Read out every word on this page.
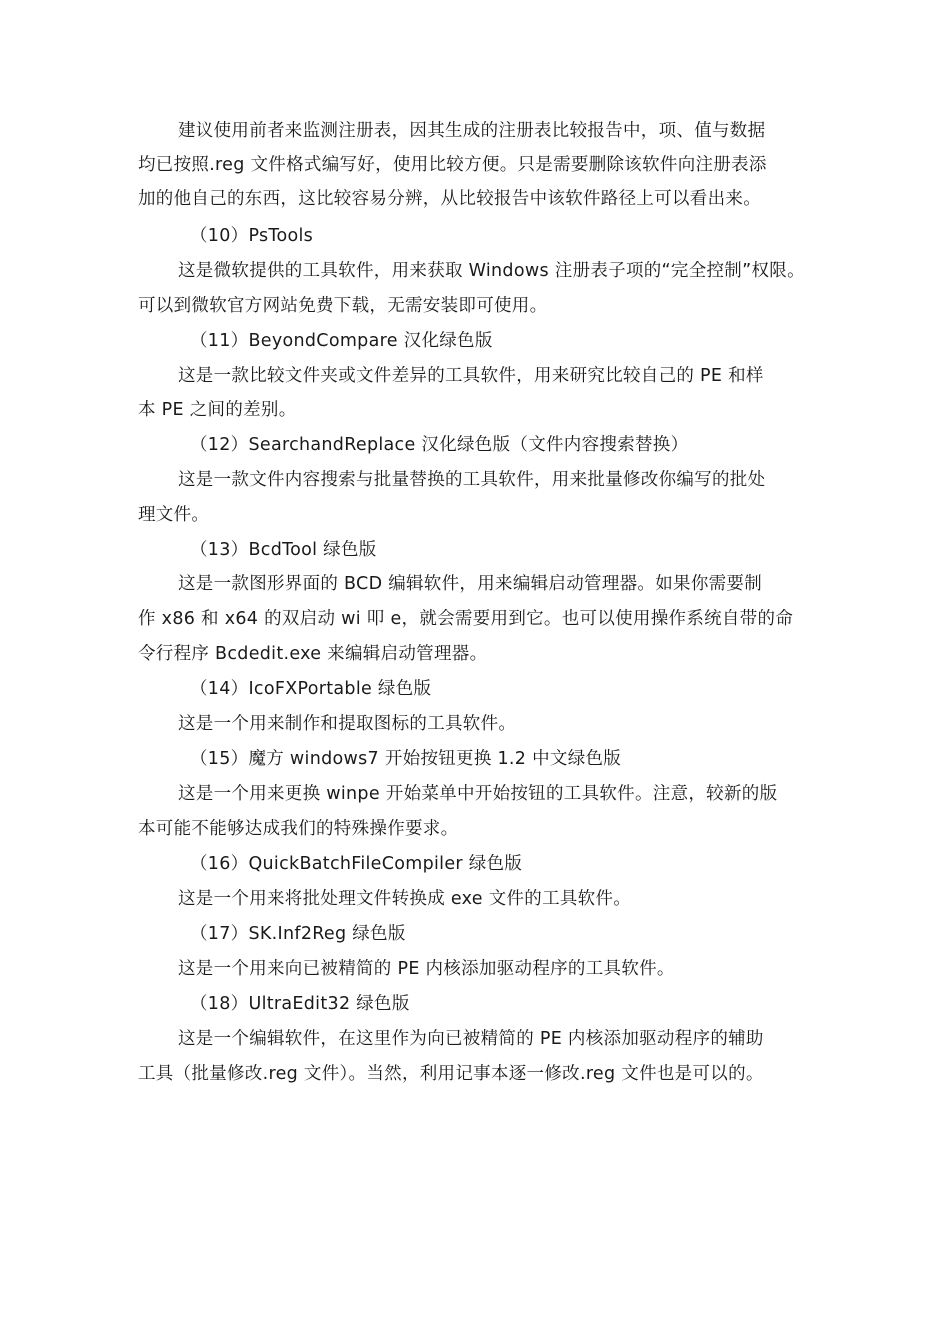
建议使用前者来监测注册表，因其生成的注册表比较报告中，项、值与数据
均已按照.reg 文件格式编写好，使用比较方便。只是需要删除该软件向注册表添
加的他自己的东西，这比较容易分辨，从比较报告中该软件路径上可以看出来。
（10）PsTools
这是微软提供的工具软件，用来获取 Windows 注册表子项的“完全控制”权限。
可以到微软官方网站免费下载，无需安装即可使用。
（11）BeyondCompare 汉化绿色版
这是一款比较文件夹或文件差异的工具软件，用来研究比较自己的 PE 和样
本 PE 之间的差别。
（12）SearchandReplace 汉化绿色版（文件内容搜索替换）
这是一款文件内容搜索与批量替换的工具软件，用来批量修改你编写的批处
理文件。
（13）BcdTool 绿色版
这是一款图形界面的 BCD 编辑软件，用来编辑启动管理器。如果你需要制
作 x86 和 x64 的双启动 wi 叩 e，就会需要用到它。也可以使用操作系统自带的命
令行程序 Bcdedit.exe 来编辑启动管理器。
（14）IcoFXPortable 绿色版
这是一个用来制作和提取图标的工具软件。
（15）魔方 windows7 开始按钮更换 1.2 中文绿色版
这是一个用来更换 winpe 开始菜单中开始按钮的工具软件。注意，较新的版
本可能不能够达成我们的特殊操作要求。
（16）QuickBatchFileCompiler 绿色版
这是一个用来将批处理文件转换成 exe 文件的工具软件。
（17）SK.Inf2Reg 绿色版
这是一个用来向已被精简的 PE 内核添加驱动程序的工具软件。
（18）UltraEdit32 绿色版
这是一个编辑软件，在这里作为向已被精简的 PE 内核添加驱动程序的辅助
工具（批量修改.reg 文件）。当然，利用记事本逐一修改.reg 文件也是可以的。
